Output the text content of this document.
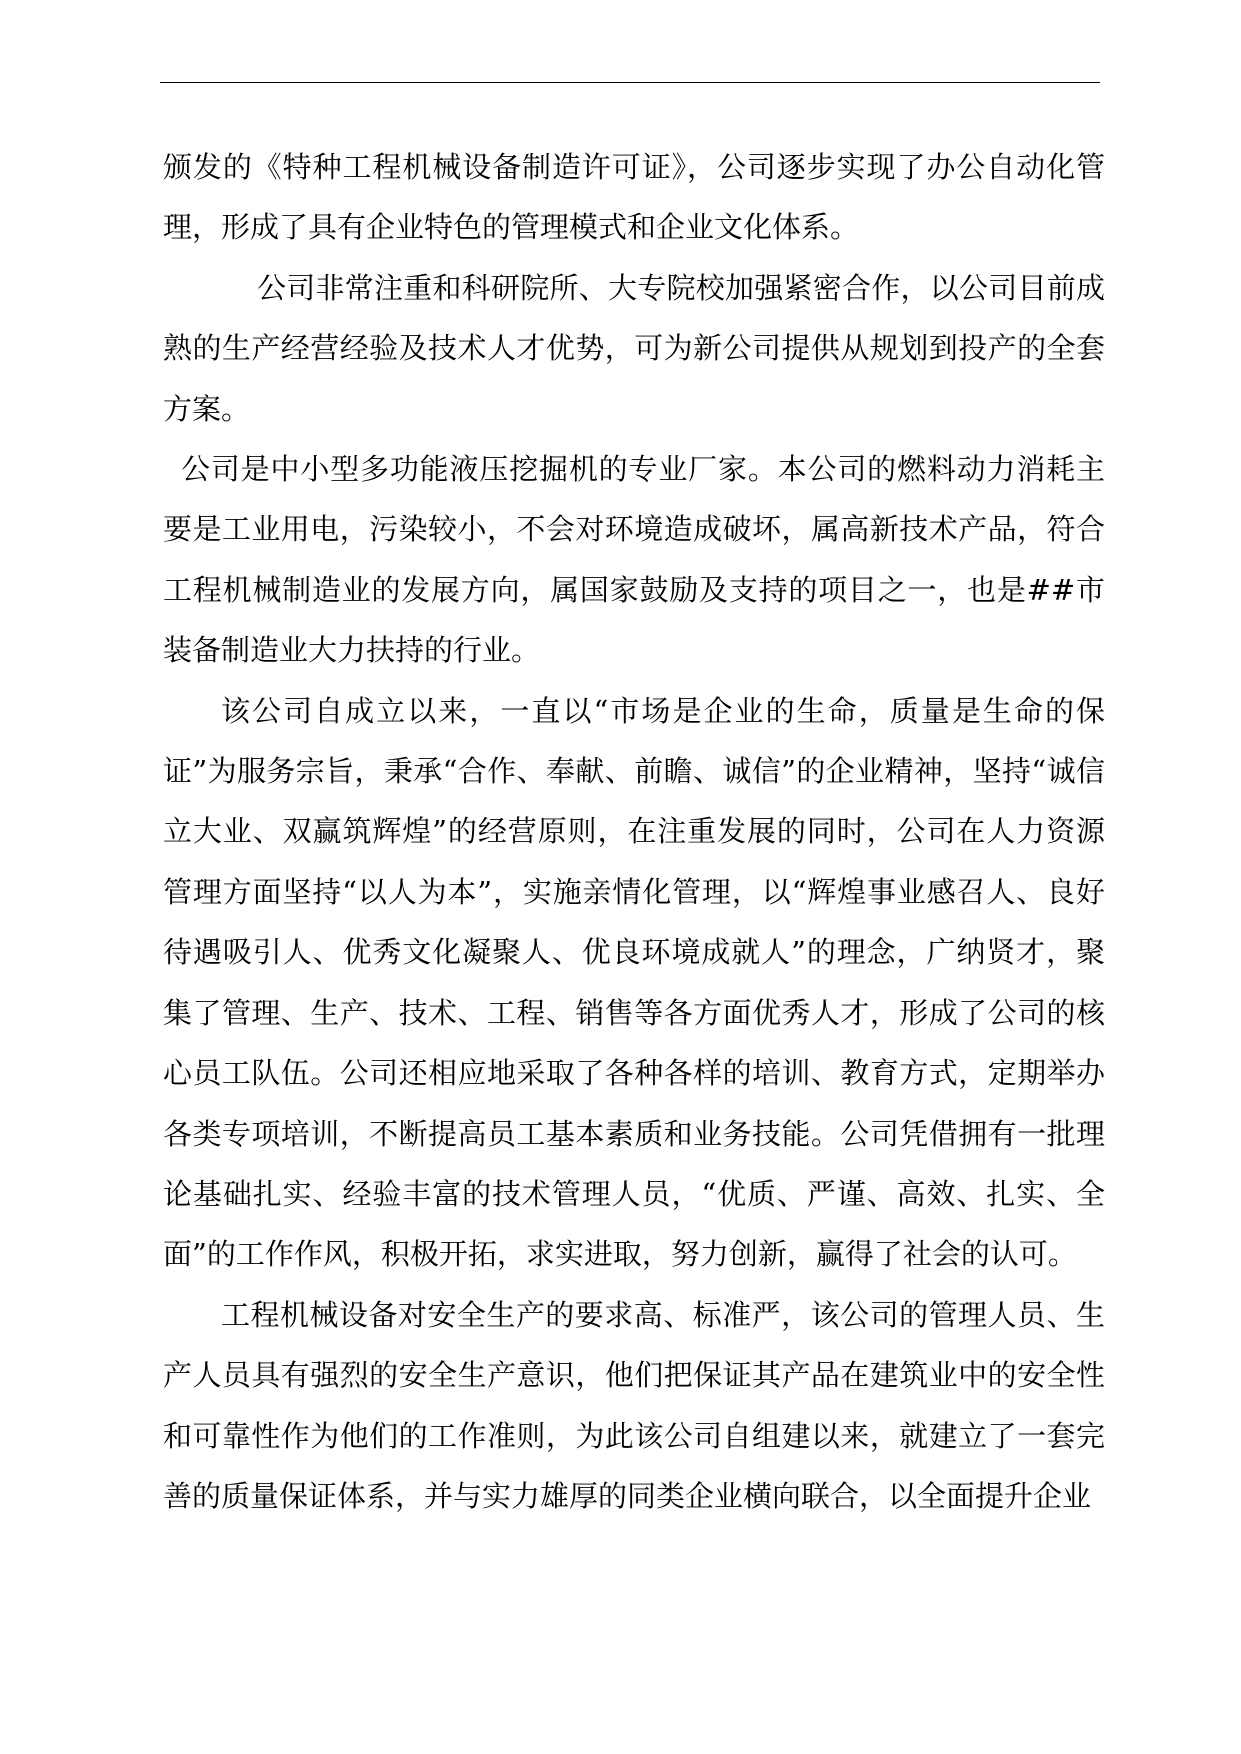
颁发的《特种工程机械设备制造许可证》，公司逐步实现了办公自动化管理，形成了具有企业特色的管理模式和企业文化体系。

公司非常注重和科研院所、大专院校加强紧密合作，以公司目前成熟的生产经营经验及技术人才优势，可为新公司提供从规划到投产的全套方案。

公司是中小型多功能液压挖掘机的专业厂家。本公司的燃料动力消耗主要是工业用电，污染较小，不会对环境造成破坏，属高新技术产品，符合工程机械制造业的发展方向，属国家鼓励及支持的项目之一，也是##市装备制造业大力扶持的行业。

该公司自成立以来，一直以“市场是企业的生命，质量是生命的保证”为服务宗旨，秉承“合作、奉献、前瞻、诚信”的企业精神，坚持“诚信立大业、双赢筑辉煌”的经营原则，在注重发展的同时，公司在人力资源管理方面坚持“以人为本”，实施亲情化管理，以“辉煌事业感召人、良好待遇吸引人、优秀文化凝聚人、优良环境成就人”的理念，广纳贤才，聚集了管理、生产、技术、工程、销售等各方面优秀人才，形成了公司的核心员工队伍。公司还相应地采取了各种各样的培训、教育方式，定期举办各类专项培训，不断提高员工基本素质和业务技能。公司凭借拥有一批理论基础扎实、经验丰富的技术管理人员，“优质、严谨、高效、扎实、全面”的工作作风，积极开拓，求实进取，努力创新，赢得了社会的认可。

工程机械设备对安全生产的要求高、标准严，该公司的管理人员、生产人员具有强烈的安全生产意识，他们把保证其产品在建筑业中的安全性和可靠性作为他们的工作准则，为此该公司自组建以来，就建立了一套完善的质量保证体系，并与实力雄厚的同类企业横向联合，以全面提升企业
